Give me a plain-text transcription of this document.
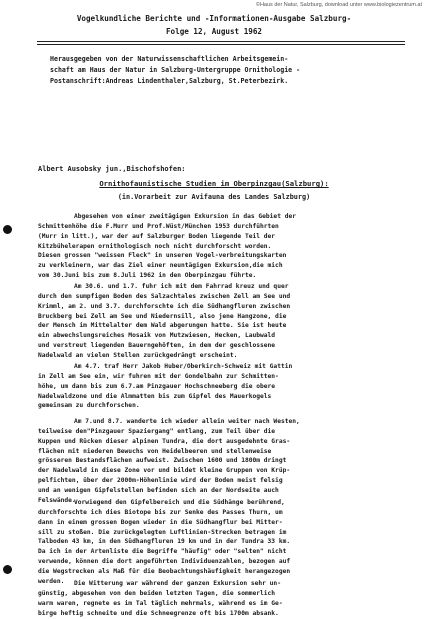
©Haus der Natur, Salzburg, download unter www.biologiezentrum.at
Vogelkundliche Berichte und -Informationen-Ausgabe Salzburg-
Folge 12, August 1962
Herausgegeben von der Naturwissenschaftlichen Arbeitsgemein-
schaft am Haus der Natur in Salzburg-Untergruppe Ornithologie -
Postanschrift:Andreas Lindenthaler,Salzburg, St.Peterbezirk.
Albert Ausobsky jun.,Bischofshofen:
Ornithofaunistische Studien im Oberpinzgau(Salzburg):
(in.Vorarbeit zur Avifauna des Landes Salzburg)
Abgesehen von einer zweitägigen Exkursion in das Gebiet der
Schmittenhöhe die F.Murr und Prof.Wüst/München 1953 durchführten
(Murr in litt.), war der auf Salzburger Boden liegende Teil der
Kitzbühelerapen ornithologisch noch nicht durchforscht worden.
Diesen grossen "weissen Fleck" in unseren Vogel-verbreitungskarten
zu verkleinern, war das Ziel einer neuntägigen Exkursion,die mich
vom 30.Juni bis zum 8.Juli 1962 in den Oberpinzgau führte.
Am 30.6. und 1.7. fuhr ich mit dem Fahrrad kreuz und quer
durch den sumpfigen Boden des Salzachtales zwischen Zell am See und
Krimml, am 2. und 3.7. durchforschte ich die Südhangfluren zwischen
Bruckberg bei Zell am See und Niedernsill, also jene Hangzone, die
der Mensch im Mittelalter dem Wald abgerungen hatte. Sie ist heute
ein abwechslungsreiches Mosaik von Mutzwiesen, Hecken, Laubwald
und verstreut liegenden Bauerngehöften, in dem der geschlossene
Nadelwald an vielen Stellen zurückgedrängt erscheint.
Am 4.7. traf Herr Jakob Huber/Oberkirch-Schweiz mit Gattin
in Zell am See ein, wir fuhren mit der Gondelbahn zur Schmitten-
höhe, um dann bis zum 6.7.am Pinzgauer Hochschneeberg die obere
Nadelwaldzone und die Almmatten bis zum Gipfel des Mauerkogels
gemeinsam zu durchforschen.
Am 7.und 8.7. wanderte ich wieder allein weiter nach Westen,
teilweise den"Pinzgauer Spaziergang" entlang, zum Teil über die
Kuppen und Rücken dieser alpinen Tundra, die dort ausgedehnte Gras-
flächen mit niederen Bewuchs von Heidelbeeren und stellenweise
grösseren Bestandsflächen aufweist. Zwischen 1600 und 1800m dringt
der Nadelwald in diese Zone vor und bildet kleine Gruppen von Krüp-
pelfichten, über der 2000m-Höhenlinie wird der Boden meist felsig
und an wenigen Gipfelstellen befinden sich an der Nordseite auch
Felswände.
Vorwiegend den Gipfelbereich und die Südhänge berührend,
durchforschte ich dies Biotope bis zur Senke des Passes Thurn, um
dann in einem grossen Bogen wieder in die Südhangflur bei Mitter-
sill zu stoßen. Die zurückgelegten Luftlinien-Strecken betragen im
Talboden 43 km, in den Südhangfluren 19 km und in der Tundra 33 km.
Da ich in der Artenliste die Begriffe "häufig" oder "selten" nicht
verwende, können die dort angeführten Individuenzahlen, bezogen auf
die Wegstrecken als Maß für die Beobachtungshäufigkeit herangezogen
werden.	Die Witterung war während der ganzen Exkursion sehr un-
günstig, abgesehen von den beiden letzten Tagen, die sommerlich
warm waren, regnete es im Tal täglich mehrmals, während es im Ge-
birge heftig schneite und die Schneegrenze oft bis 1700m absank.
